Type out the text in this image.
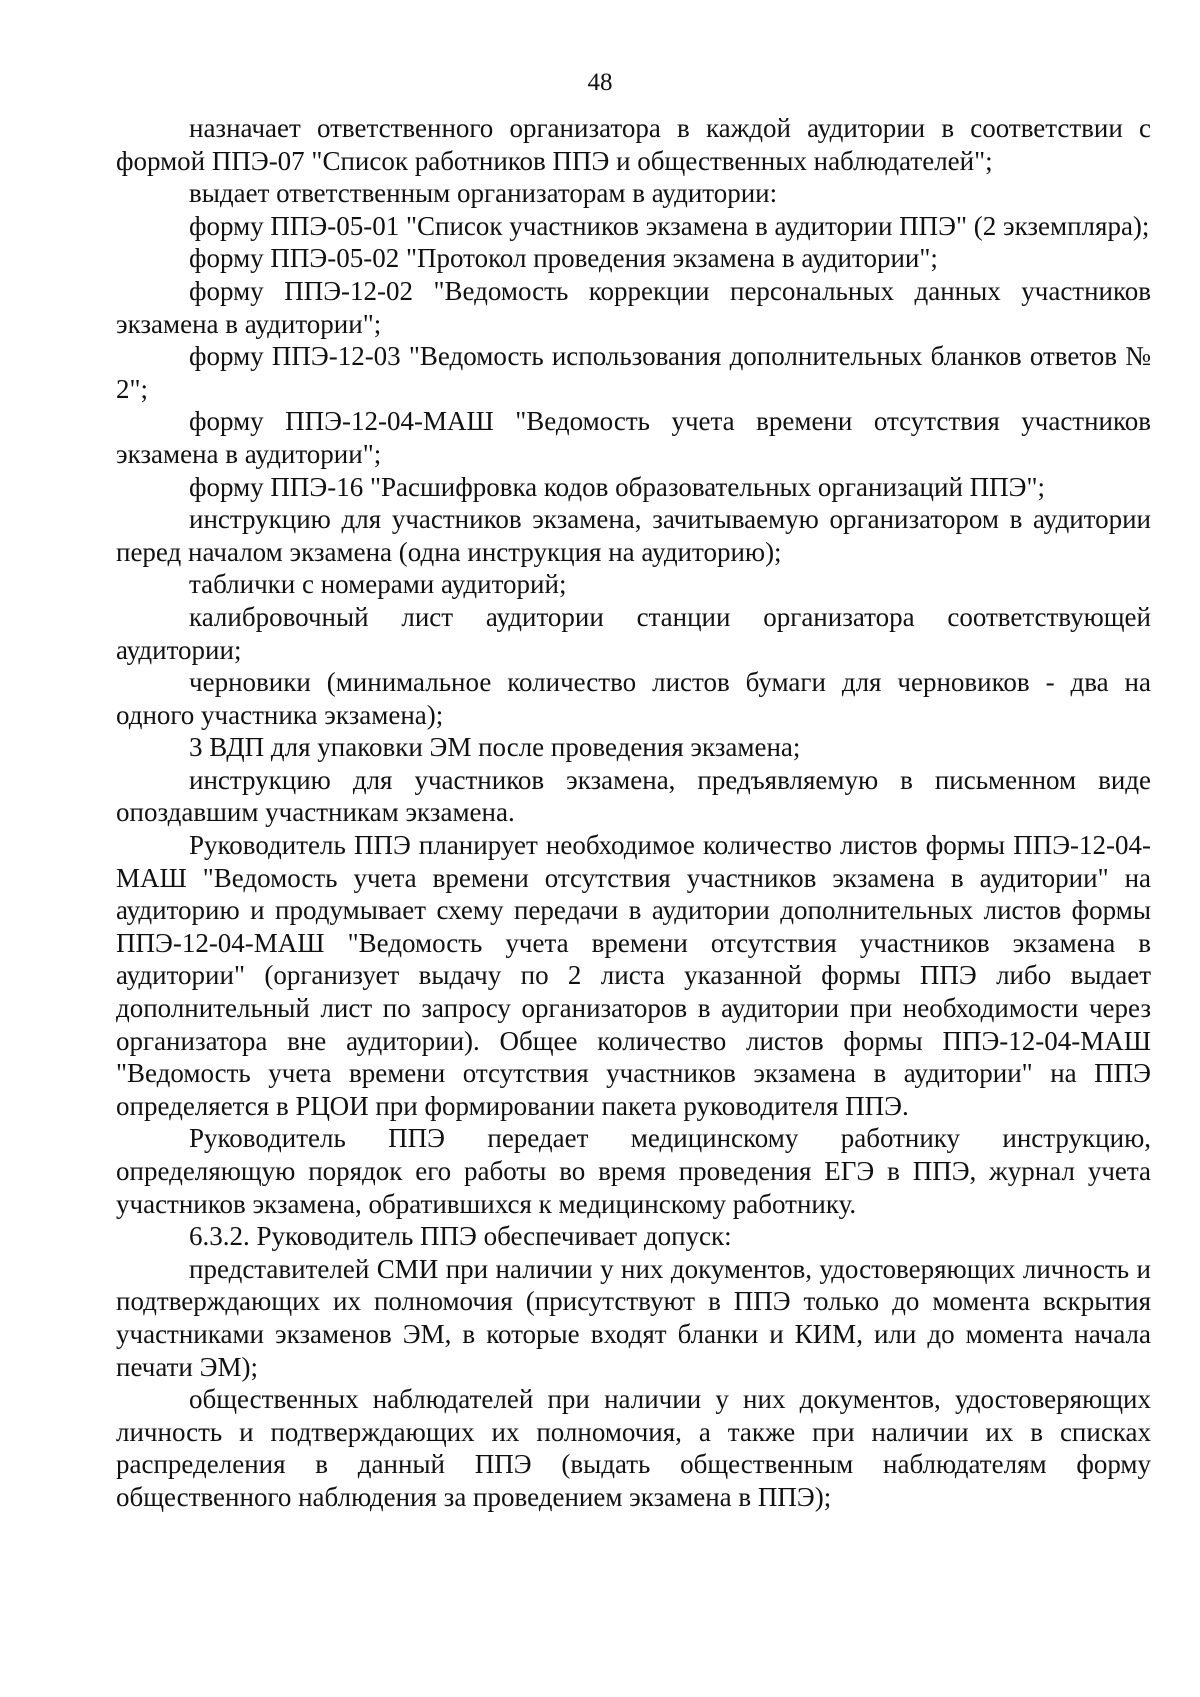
48

назначает ответственного организатора в каждой аудитории в соответствии с формой ППЭ-07 "Список работников ППЭ и общественных наблюдателей";

выдает ответственным организаторам в аудитории:

форму ППЭ-05-01 "Список участников экзамена в аудитории ППЭ" (2 экземпляра);

форму ППЭ-05-02 "Протокол проведения экзамена в аудитории";

форму ППЭ-12-02 "Ведомость коррекции персональных данных участников экзамена в аудитории";

форму ППЭ-12-03 "Ведомость использования дополнительных бланков ответов № 2";

форму ППЭ-12-04-МАШ "Ведомость учета времени отсутствия участников экзамена в аудитории";

форму ППЭ-16 "Расшифровка кодов образовательных организаций ППЭ";

инструкцию для участников экзамена, зачитываемую организатором в аудитории перед началом экзамена (одна инструкция на аудиторию);

таблички с номерами аудиторий;

калибровочный лист аудитории станции организатора соответствующей аудитории;

черновики (минимальное количество листов бумаги для черновиков - два на одного участника экзамена);

3 ВДП для упаковки ЭМ после проведения экзамена;

инструкцию для участников экзамена, предъявляемую в письменном виде опоздавшим участникам экзамена.

Руководитель ППЭ планирует необходимое количество листов формы ППЭ-12-04-МАШ "Ведомость учета времени отсутствия участников экзамена в аудитории" на аудиторию и продумывает схему передачи в аудитории дополнительных листов формы ППЭ-12-04-МАШ "Ведомость учета времени отсутствия участников экзамена в аудитории" (организует выдачу по 2 листа указанной формы ППЭ либо выдает дополнительный лист по запросу организаторов в аудитории при необходимости через организатора вне аудитории). Общее количество листов формы ППЭ-12-04-МАШ "Ведомость учета времени отсутствия участников экзамена в аудитории" на ППЭ определяется в РЦОИ при формировании пакета руководителя ППЭ.

Руководитель ППЭ передает медицинскому работнику инструкцию, определяющую порядок его работы во время проведения ЕГЭ в ППЭ, журнал учета участников экзамена, обратившихся к медицинскому работнику.

6.3.2. Руководитель ППЭ обеспечивает допуск:

представителей СМИ при наличии у них документов, удостоверяющих личность и подтверждающих их полномочия (присутствуют в ППЭ только до момента вскрытия участниками экзаменов ЭМ, в которые входят бланки и КИМ, или до момента начала печати ЭМ);

общественных наблюдателей при наличии у них документов, удостоверяющих личность и подтверждающих их полномочия, а также при наличии их в списках распределения в данный ППЭ (выдать общественным наблюдателям форму общественного наблюдения за проведением экзамена в ППЭ);
